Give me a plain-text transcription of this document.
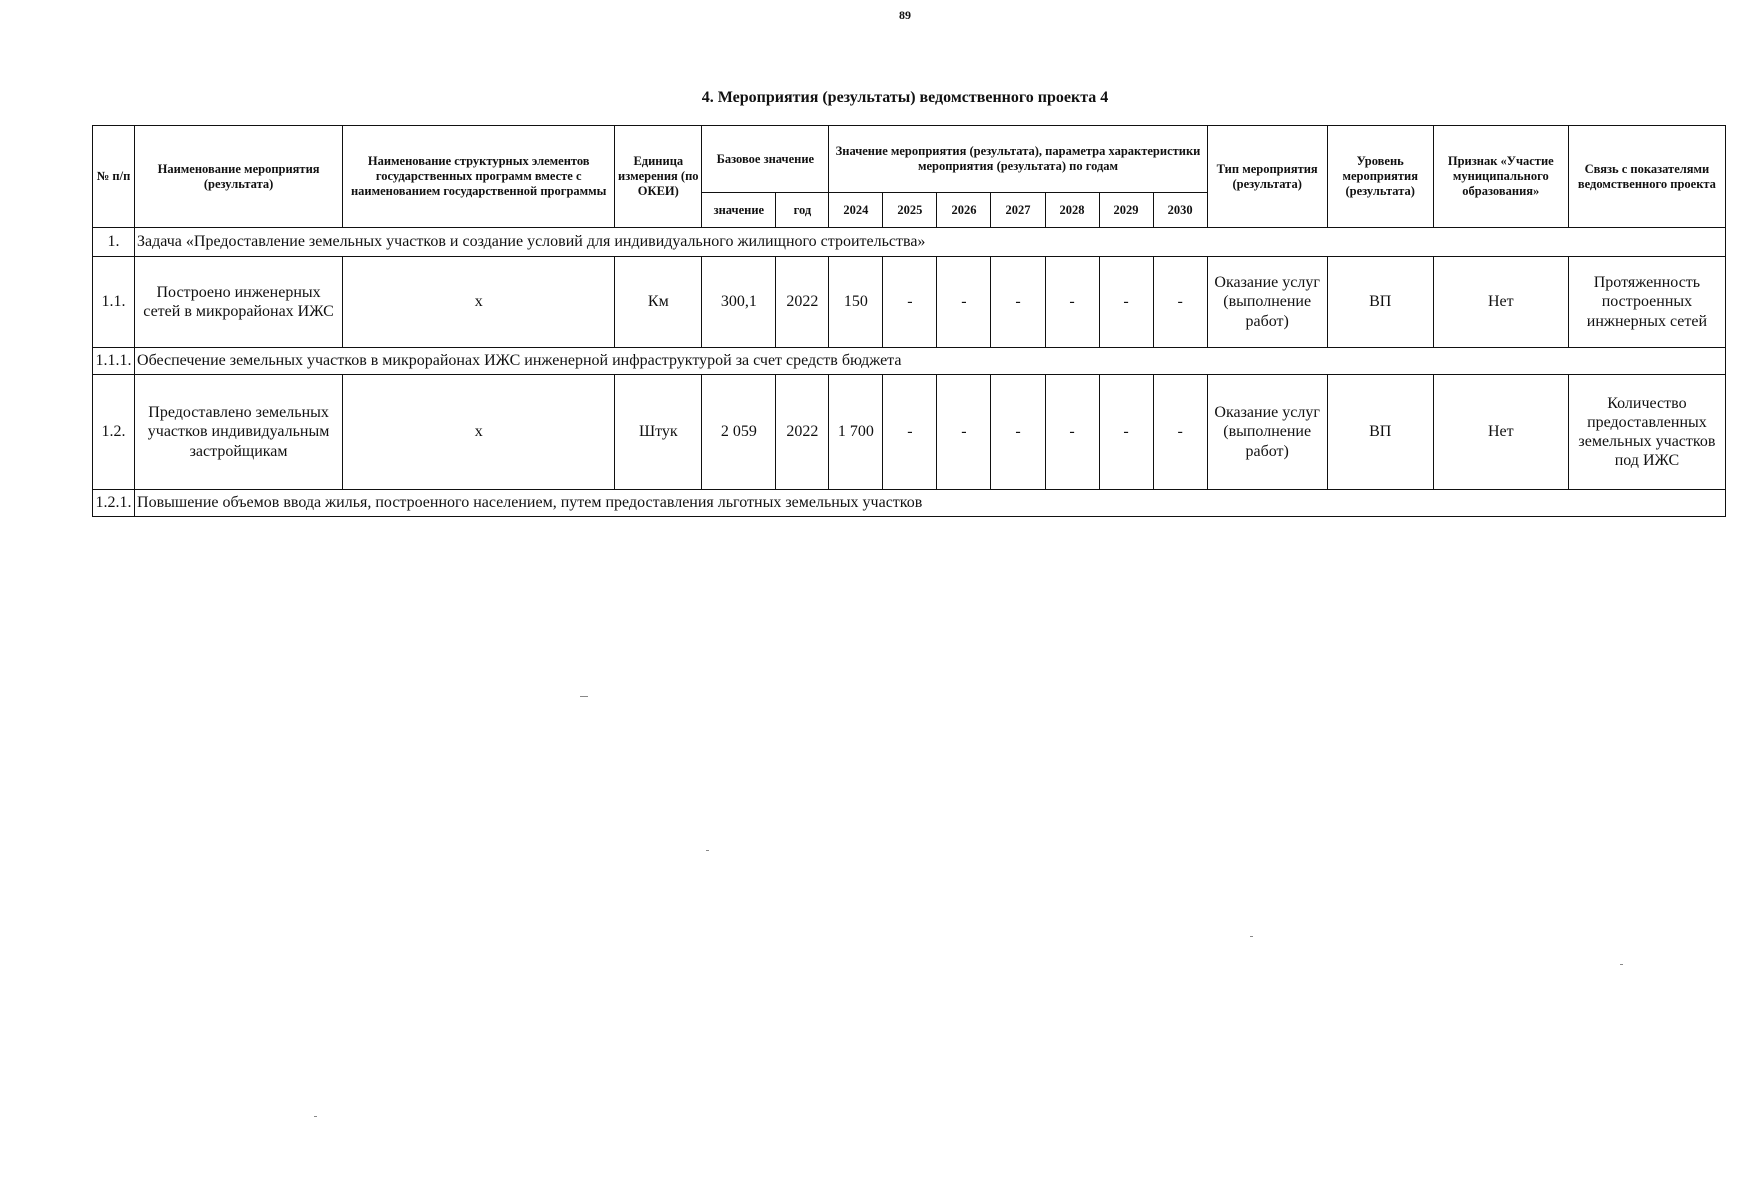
89
4. Мероприятия (результаты) ведомственного проекта 4
№ п/п	Наименование мероприятия (результата)	Наименование структурных элементов государственных программ вместе с наименованием государственной программы	Единица измерения (по ОКЕИ)	Базовое значение		Значение мероприятия (результата), параметра характеристики мероприятия (результата) по годам							Тип мероприятия (результата)	Уровень мероприятия (результата)	Признак «Участие муниципального образования»	Связь с показателями ведомственного проекта
				значение	год	2024	2025	2026	2027	2028	2029	2030				
1.	Задача «Предоставление земельных участков и создание условий для индивидуального жилищного строительства»															
1.1.	Построено инженерных сетей в микрорайонах ИЖС	х	Км	300,1	2022	150	-	-	-	-	-	-	Оказание услуг (выполнение работ)	ВП	Нет	Протяженность построенных инжнерных сетей
1.1.1.	Обеспечение земельных участков в микрорайонах ИЖС инженерной инфраструктурой за счет средств бюджета															
1.2.	Предоставлено земельных участков индивидуальным застройщикам	х	Штук	2 059	2022	1 700	-	-	-	-	-	-	Оказание услуг (выполнение работ)	ВП	Нет	Количество предоставленных земельных участков под ИЖС
1.2.1.	Повышение объемов ввода жилья, построенного населением, путем предоставления льготных земельных участков															
